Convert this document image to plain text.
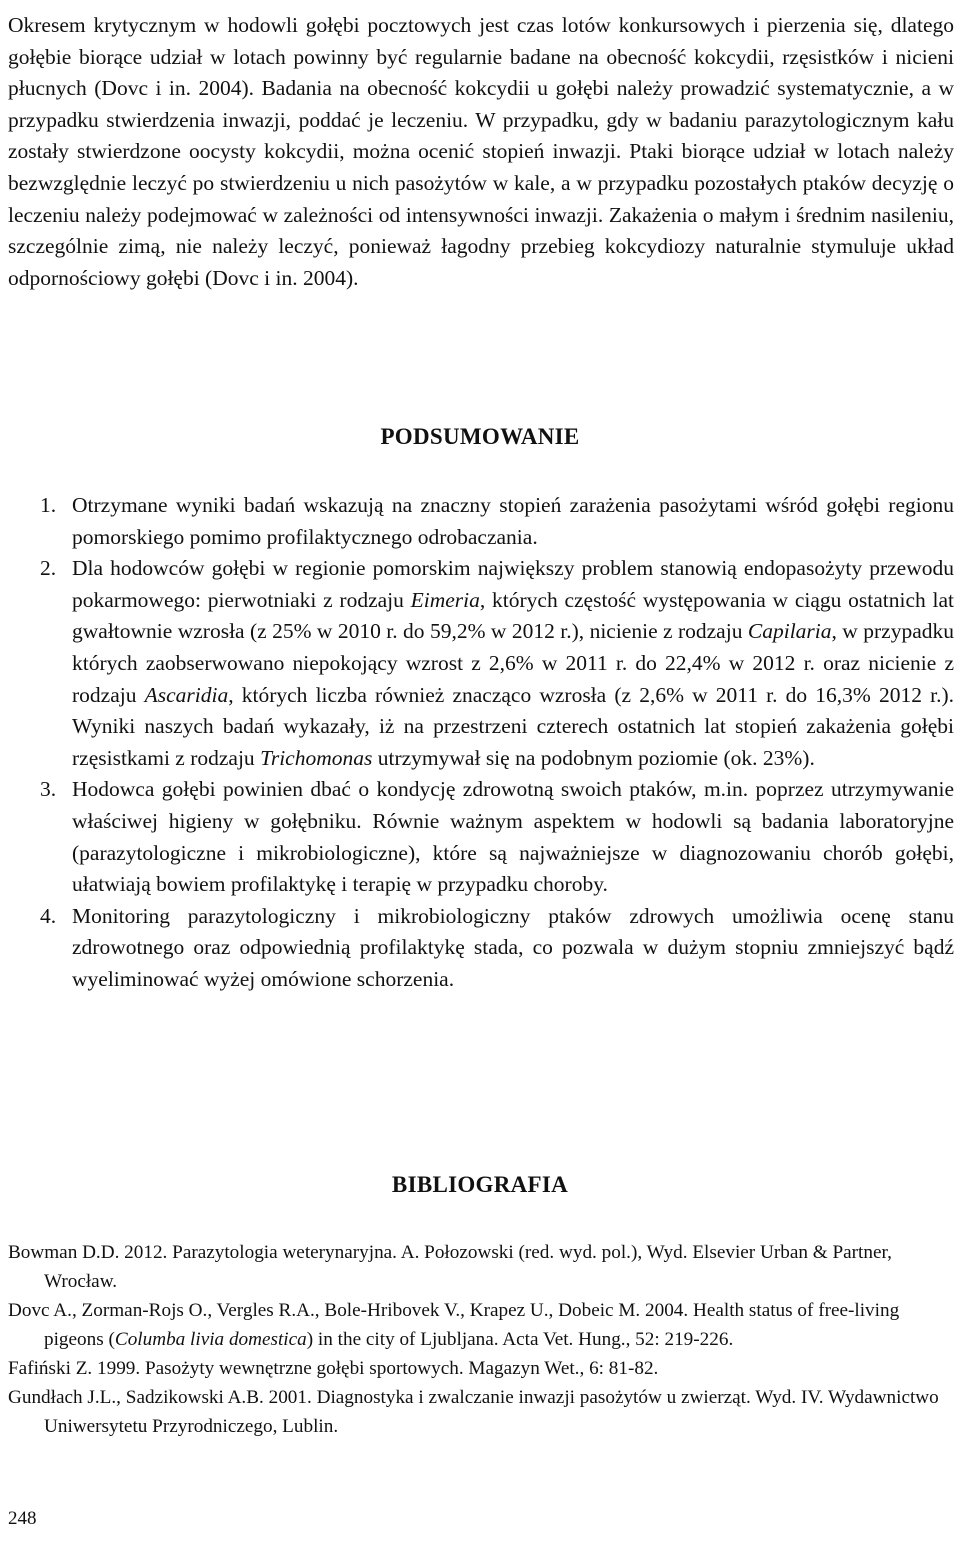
Okresem krytycznym w hodowli gołębi pocztowych jest czas lotów konkursowych i pierzenia się, dlatego gołębie biorące udział w lotach powinny być regularnie badane na obecność kokcydii, rzęsistków i nicieni płucnych (Dovc i in. 2004). Badania na obecność kokcydii u gołębi należy prowadzić systematycznie, a w przypadku stwierdzenia inwazji, poddać je leczeniu. W przypadku, gdy w badaniu parazytologicznym kału zostały stwierdzone oocysty kokcydii, można ocenić stopień inwazji. Ptaki biorące udział w lotach należy bezwzględnie leczyć po stwierdzeniu u nich pasożytów w kale, a w przypadku pozostałych ptaków decyzję o leczeniu należy podejmować w zależności od intensywności inwazji. Zakażenia o małym i średnim nasileniu, szczególnie zimą, nie należy leczyć, ponieważ łagodny przebieg kokcydiozy naturalnie stymuluje układ odpornościowy gołębi (Dovc i in. 2004).

PODSUMOWANIE
1. Otrzymane wyniki badań wskazują na znaczny stopień zarażenia pasożytami wśród gołębi regionu pomorskiego pomimo profilaktycznego odrobaczania.
2. Dla hodowców gołębi w regionie pomorskim największy problem stanowią endopasożyty przewodu pokarmowego: pierwotniaki z rodzaju Eimeria, których częstość występowania w ciągu ostatnich lat gwałtownie wzrosła (z 25% w 2010 r. do 59,2% w 2012 r.), nicienie z rodzaju Capilaria, w przypadku których zaobserwowano niepokojący wzrost z 2,6% w 2011 r. do 22,4% w 2012 r. oraz nicienie z rodzaju Ascaridia, których liczba również znacząco wzrosła (z 2,6% w 2011 r. do 16,3% 2012 r.). Wyniki naszych badań wykazały, iż na przestrzeni czterech ostatnich lat stopień zakażenia gołębi rzęsistkami z rodzaju Trichomonas utrzymywał się na podobnym poziomie (ok. 23%).
3. Hodowca gołębi powinien dbać o kondycję zdrowotną swoich ptaków, m.in. poprzez utrzymywanie właściwej higieny w gołębniku. Równie ważnym aspektem w hodowli są badania laboratoryjne (parazytologiczne i mikrobiologiczne), które są najważniejsze w diagnozowaniu chorób gołębi, ułatwiają bowiem profilaktykę i terapię w przypadku choroby.
4. Monitoring parazytologiczny i mikrobiologiczny ptaków zdrowych umożliwia ocenę stanu zdrowotnego oraz odpowiednią profilaktykę stada, co pozwala w dużym stopniu zmniejszyć bądź wyeliminować wyżej omówione schorzenia.
BIBLIOGRAFIA
Bowman D.D. 2012. Parazytologia weterynaryjna. A. Połozowski (red. wyd. pol.), Wyd. Elsevier Urban & Partner, Wrocław.
Dovc A., Zorman-Rojs O., Vergles R.A., Bole-Hribovek V., Krapez U., Dobeic M. 2004. Health status of free-living pigeons (Columba livia domestica) in the city of Ljubljana. Acta Vet. Hung., 52: 219-226.
Fafiński Z. 1999. Pasożyty wewnętrzne gołębi sportowych. Magazyn Wet., 6: 81-82.
Gundłach J.L., Sadzikowski A.B. 2001. Diagnostyka i zwalczanie inwazji pasożytów u zwierząt. Wyd. IV. Wydawnictwo Uniwersytetu Przyrodniczego, Lublin.
248
